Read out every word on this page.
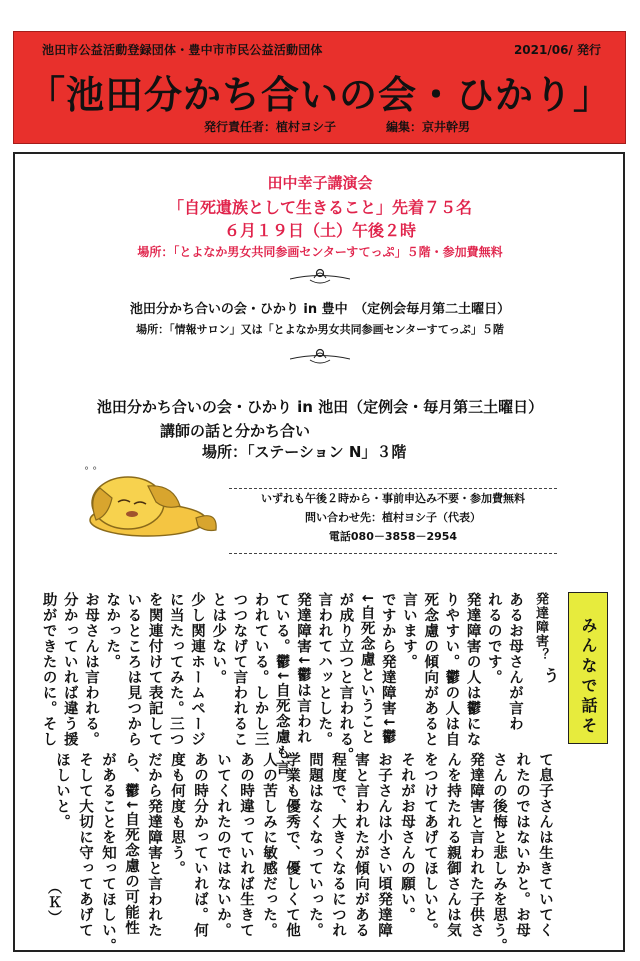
池田市公益活動登録団体・豊中市市民公益活動団体	2021/06/ 発行
「池田分かち合いの会・ひかり」
発行責任者：植村ヨシ子	編集：京井幹男
田中幸子講演会
「自死遺族として生きること」先着７５名
６月１９日（土）午後２時
場所：「とよなか男女共同参画センターすてっぷ」５階・参加費無料
池田分かち合いの会・ひかり in 豊中　（定例会毎月第二土曜日）
場所：「情報サロン」又は「とよなか男女共同参画センターすてっぷ」５階
池田分かち合いの会・ひかり in 池田（定例会・毎月第三土曜日）
講師の話と分かち合い
場所：「ステーション N」３階
° °
いずれも午後２時から・事前申込み不要・参加費無料
問い合わせ先：植村ヨシ子（代表）
電話080－3858－2954
みんなで話そう
発達障害？
あるお母さんが言わ
れるのです。
発達障害の人は鬱にな
りやすい。鬱の人は自
死念慮の傾向があると
言います。
ですから発達障害↓鬱
↓自死念慮ということ
が成り立つと言われる。
言われてハッとした。
発達障害↓鬱は言われ
ている。鬱↓自死念慮も言
われている。しかし三
つつなげて言われるこ
とは少ない。
少し関連ホームページ
に当たってみた。三つ
を関連付けて表記して
いるところは見つから
なかった。
お母さんは言われる。
分かっていれば違う援
助ができたのに。そし
て息子さんは生きていてく
れたのではないかと。お母
さんの後悔と悲しみを思う。
発達障害と言われた子供さ
んを持たれる親御さんは気
をつけてあげてほしいと。
それがお母さんの願い。
お子さんは小さい頃発達障
害と言われたが傾向がある
程度で、大きくなるにつれ
問題はなくなっていった。
学業も優秀で、優しくて他
人の苦しみに敏感だった。
あの時違っていれば生きて
いてくれたのではないか。
あの時分かっていれば。何
度も何度も思う。
だから発達障害と言われた
ら、鬱↓自死念慮の可能性
があることを知ってほしい。
そして大切に守ってあげて
ほしいと。
（Ｋ）
